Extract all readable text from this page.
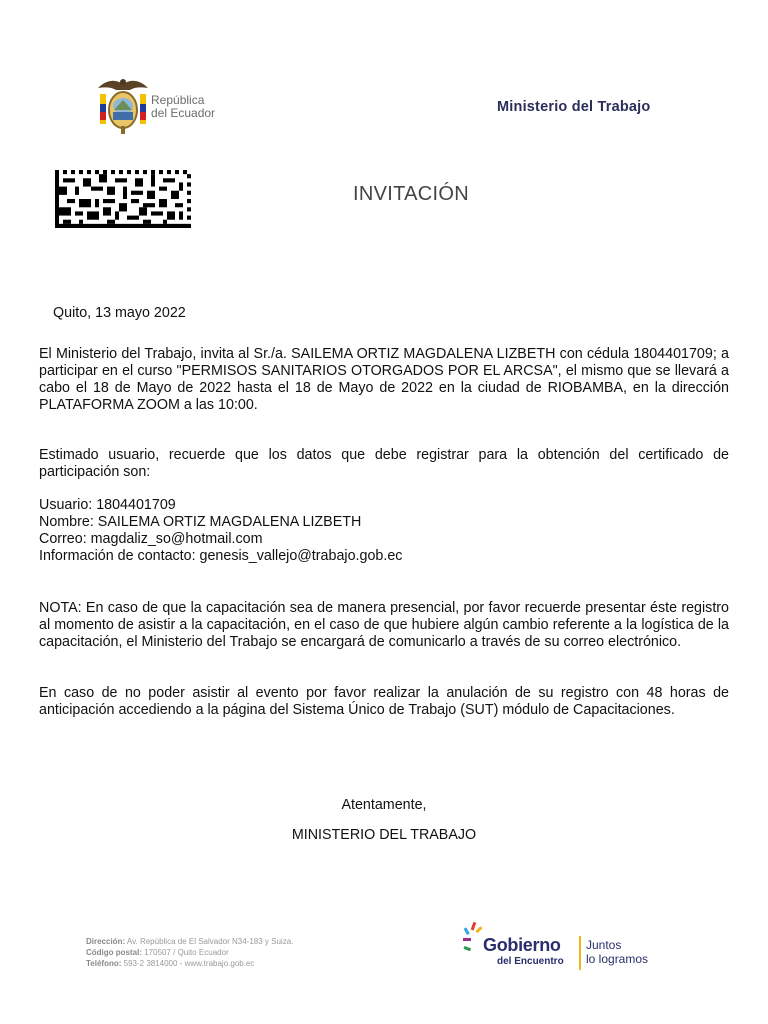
República
del Ecuador	Ministerio del Trabajo
INVITACIÓN
Quito, 13 mayo 2022

El Ministerio del Trabajo, invita al Sr./a. SAILEMA ORTIZ MAGDALENA LIZBETH con cédula 1804401709; a participar en el curso "PERMISOS SANITARIOS OTORGADOS POR EL ARCSA", el mismo que se llevará a cabo el 18 de Mayo de 2022 hasta el 18 de Mayo de 2022 en la ciudad de RIOBAMBA, en la dirección PLATAFORMA ZOOM a las 10:00.

Estimado usuario, recuerde que los datos que debe registrar para la obtención del certificado de participación son:

Usuario: 1804401709
Nombre: SAILEMA ORTIZ MAGDALENA LIZBETH
Correo: magdaliz_so@hotmail.com
Información de contacto: genesis_vallejo@trabajo.gob.ec

NOTA: En caso de que la capacitación sea de manera presencial, por favor recuerde presentar éste registro al momento de asistir a la capacitación, en el caso de que hubiere algún cambio referente a la logística de la capacitación, el Ministerio del Trabajo se encargará de comunicarlo a través de su correo electrónico.

En caso de no poder asistir al evento por favor realizar la anulación de su registro con 48 horas de anticipación accediendo a la página del Sistema Único de Trabajo (SUT) módulo de Capacitaciones.

Atentamente,
MINISTERIO DEL TRABAJO
Dirección: Av. República de El Salvador N34-183 y Suiza.
Código postal: 170507 / Quito Ecuador
Teléfono: 593-2 3814000 - www.trabajo.gob.ec
Gobierno
del Encuentro
Juntos
lo logramos
